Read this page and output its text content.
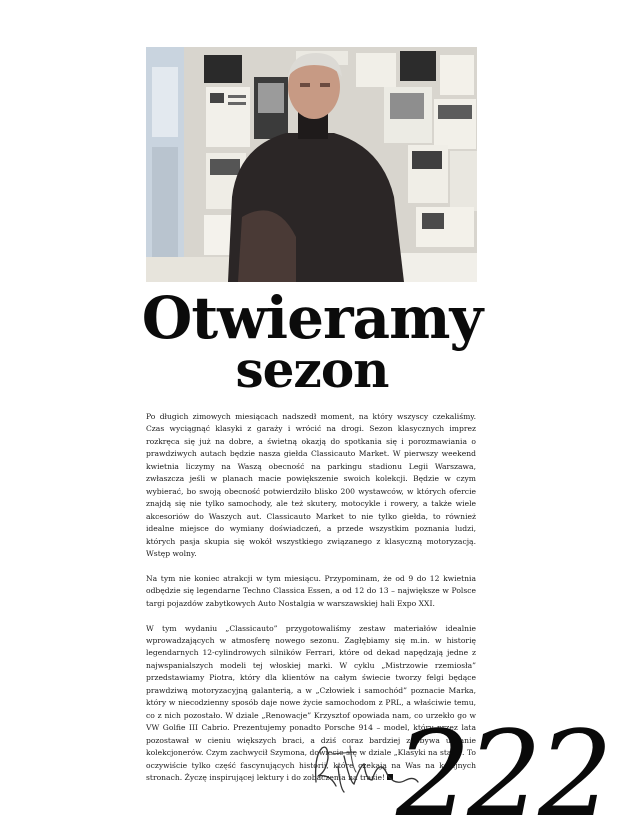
Otwieramy
sezon

Po długich zimowych miesiącach nadszedł moment, na który wszyscy czekaliśmy. Czas wyciągnąć klasyki z garaży i wrócić na drogi. Sezon klasycznych imprez rozkręca się już na dobre, a świetną okazją do spotkania się i porozmawiania o prawdziwych autach będzie nasza giełda Classicauto Market. W pierwszy weekend kwietnia liczymy na Waszą obecność na parkingu stadionu Legii Warszawa, zwłaszcza jeśli w planach macie powiększenie swoich kolekcji. Będzie w czym wybierać, bo swoją obecność potwierdziło blisko 200 wystawców, w których ofercie znajdą się nie tylko samochody, ale też skutery, motocykle i rowery, a także wiele akcesoriów do Waszych aut. Classicauto Market to nie tylko giełda, to również idealne miejsce do wymiany doświadczeń, a przede wszystkim poznania ludzi, których pasja skupia się wokół wszystkiego związanego z klasyczną motoryzacją. Wstęp wolny.

Na tym nie koniec atrakcji w tym miesiącu. Przypominam, że od 9 do 12 kwietnia odbędzie się legendarne Techno Classica Essen, a od 12 do 13 – największe w Polsce targi pojazdów zabytkowych Auto Nostalgia w warszawskiej hali Expo XXI.

W tym wydaniu „Classicauto” przygotowaliśmy zestaw materiałów idealnie wprowadzających w atmosferę nowego sezonu. Zagłębiamy się m.in. w historię legendarnych 12-cylindrowych silników Ferrari, które od dekad napędzają jedne z najwspanialszych modeli tej włoskiej marki. W cyklu „Mistrzowie rzemiosła” przedstawiamy Piotra, który dla klientów na całym świecie tworzy felgi będące prawdziwą motoryzacyjną galanterią, a w „Człowiek i samochód” poznacie Marka, który w niecodzienny sposób daje nowe życie samochodom z PRL, a właściwie temu, co z nich pozostało. W dziale „Renowacje” Krzysztof opowiada nam, co urzekło go w VW Golfie III Cabrio. Prezentujemy ponadto Porsche 914 – model, który przez lata pozostawał w cieniu większych braci, a dziś coraz bardziej zdobywa uznanie kolekcjonerów. Czym zachwycił Szymona, dowiecie się w dziale „Klasyki na start”. To oczywiście tylko część fascynujących historii, które czekają na Was na kolejnych stronach. Życzę inspirującej lektury i do zobaczenia na trasie! 222
